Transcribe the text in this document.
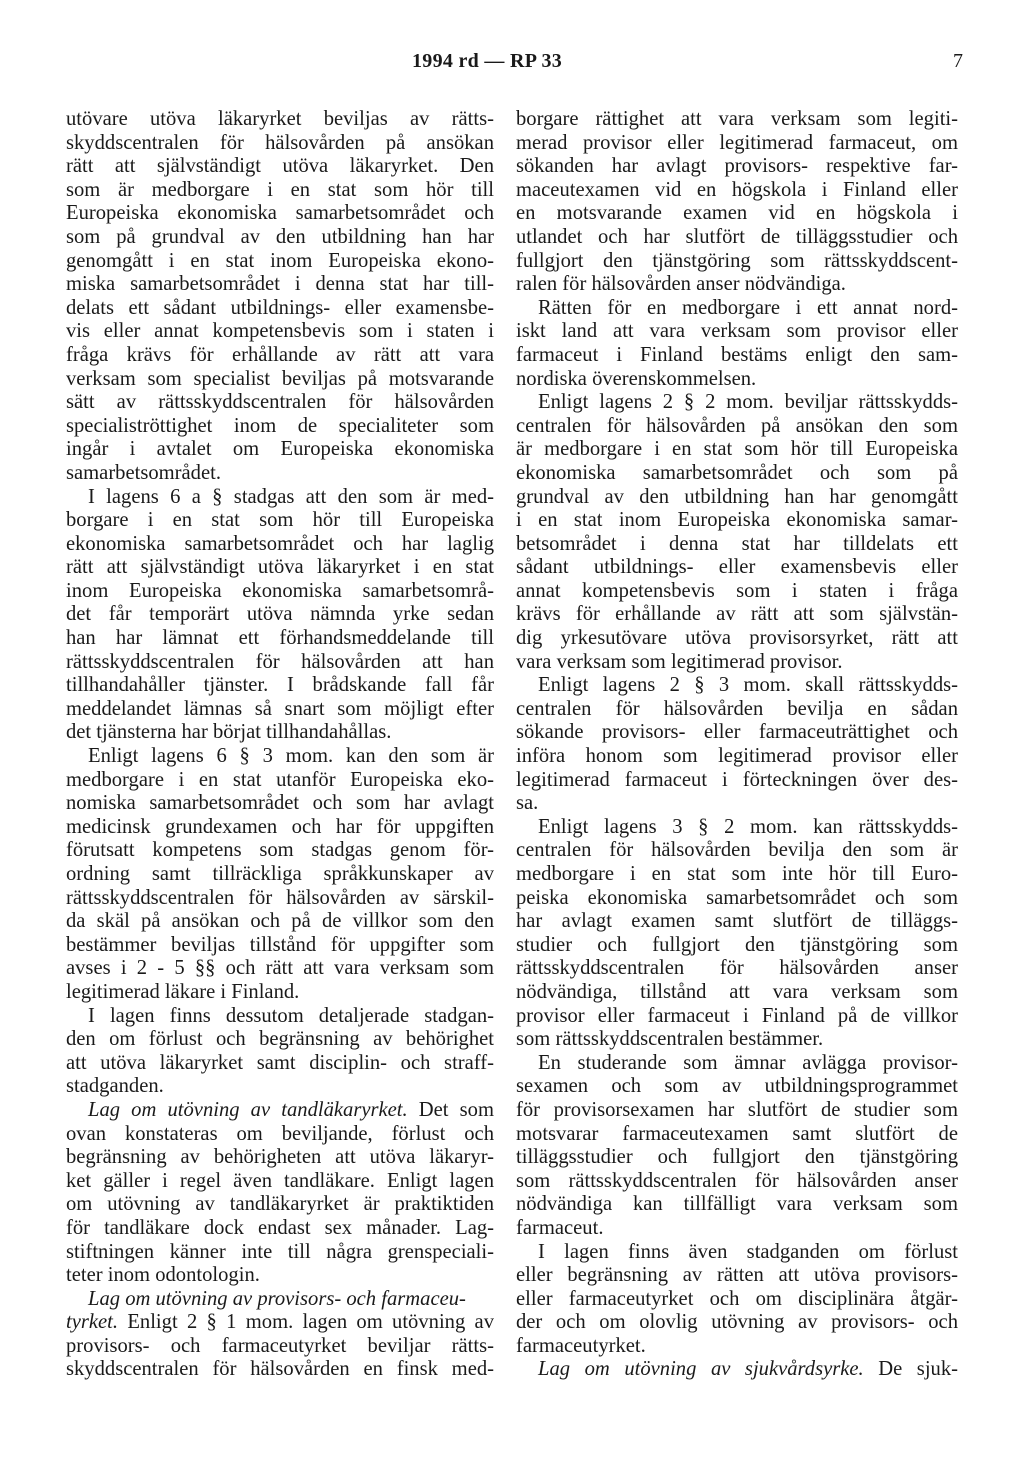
1994 rd — RP 33	7

utövare utöva läkaryrket beviljas av rätts-

skyddscentralen för hälsovården på ansökan

rätt att självständigt utöva läkaryrket. Den

som är medborgare i en stat som hör till

Europeiska ekonomiska samarbetsområdet och

som på grundval av den utbildning han har

genomgått i en stat inom Europeiska ekono-

miska samarbetsområdet i denna stat har till-

delats ett sådant utbildnings- eller examensbe-

vis eller annat kompetensbevis som i staten i

fråga krävs för erhållande av rätt att vara

verksam som specialist beviljas på motsvarande

sätt av rättsskyddscentralen för hälsovården

specialiströttighet inom de specialiteter som

ingår i avtalet om Europeiska ekonomiska

samarbetsområdet.

I lagens 6 a § stadgas att den som är med-

borgare i en stat som hör till Europeiska

ekonomiska samarbetsområdet och har laglig

rätt att självständigt utöva läkaryrket i en stat

inom Europeiska ekonomiska samarbetsområ-

det får temporärt utöva nämnda yrke sedan

han har lämnat ett förhandsmeddelande till

rättsskyddscentralen för hälsovården att han

tillhandahåller tjänster. I brådskande fall får

meddelandet lämnas så snart som möjligt efter

det tjänsterna har börjat tillhandahållas.

Enligt lagens 6 § 3 mom. kan den som är

medborgare i en stat utanför Europeiska eko-

nomiska samarbetsområdet och som har avlagt

medicinsk grundexamen och har för uppgiften

förutsatt kompetens som stadgas genom för-

ordning samt tillräckliga språkkunskaper av

rättsskyddscentralen för hälsovården av särskil-

da skäl på ansökan och på de villkor som den

bestämmer beviljas tillstånd för uppgifter som

avses i 2 - 5 §§ och rätt att vara verksam som

legitimerad läkare i Finland.

I lagen finns dessutom detaljerade stadgan-

den om förlust och begränsning av behörighet

att utöva läkaryrket samt disciplin- och straff-

stadganden.

Lag om utövning av tandläkaryrket. Det som

ovan konstateras om beviljande, förlust och

begränsning av behörigheten att utöva läkaryr-

ket gäller i regel även tandläkare. Enligt lagen

om utövning av tandläkaryrket är praktiktiden

för tandläkare dock endast sex månader. Lag-

stiftningen känner inte till några grenspeciali-

teter inom odontologin.

Lag om utövning av provisors- och farmaceu-

tyrket. Enligt 2 § 1 mom. lagen om utövning av

provisors- och farmaceutyrket beviljar rätts-

skyddscentralen för hälsovården en finsk med-

borgare rättighet att vara verksam som legiti-

merad provisor eller legitimerad farmaceut, om

sökanden har avlagt provisors- respektive far-

maceutexamen vid en högskola i Finland eller

en motsvarande examen vid en högskola i

utlandet och har slutfört de tilläggsstudier och

fullgjort den tjänstgöring som rättsskyddscent-

ralen för hälsovården anser nödvändiga.

Rätten för en medborgare i ett annat nord-

iskt land att vara verksam som provisor eller

farmaceut i Finland bestäms enligt den sam-

nordiska överenskommelsen.

Enligt lagens 2 § 2 mom. beviljar rättsskydds-

centralen för hälsovården på ansökan den som

är medborgare i en stat som hör till Europeiska

ekonomiska samarbetsområdet och som på

grundval av den utbildning han har genomgått

i en stat inom Europeiska ekonomiska samar-

betsområdet i denna stat har tilldelats ett

sådant utbildnings- eller examensbevis eller

annat kompetensbevis som i staten i fråga

krävs för erhållande av rätt att som självstän-

dig yrkesutövare utöva provisorsyrket, rätt att

vara verksam som legitimerad provisor.

Enligt lagens 2 § 3 mom. skall rättsskydds-

centralen för hälsovården bevilja en sådan

sökande provisors- eller farmaceuträttighet och

införa honom som legitimerad provisor eller

legitimerad farmaceut i förteckningen över des-

sa.

Enligt lagens 3 § 2 mom. kan rättsskydds-

centralen för hälsovården bevilja den som är

medborgare i en stat som inte hör till Euro-

peiska ekonomiska samarbetsområdet och som

har avlagt examen samt slutfört de tilläggs-

studier och fullgjort den tjänstgöring som

rättsskyddscentralen för hälsovården anser

nödvändiga, tillstånd att vara verksam som

provisor eller farmaceut i Finland på de villkor

som rättsskyddscentralen bestämmer.

En studerande som ämnar avlägga provisor-

sexamen och som av utbildningsprogrammet

för provisorsexamen har slutfört de studier som

motsvarar farmaceutexamen samt slutfört de

tilläggsstudier och fullgjort den tjänstgöring

som rättsskyddscentralen för hälsovården anser

nödvändiga kan tillfälligt vara verksam som

farmaceut.

I lagen finns även stadganden om förlust

eller begränsning av rätten att utöva provisors-

eller farmaceutyrket och om disciplinära åtgär-

der och om olovlig utövning av provisors- och

farmaceutyrket.

Lag om utövning av sjukvårdsyrke. De sjuk-
